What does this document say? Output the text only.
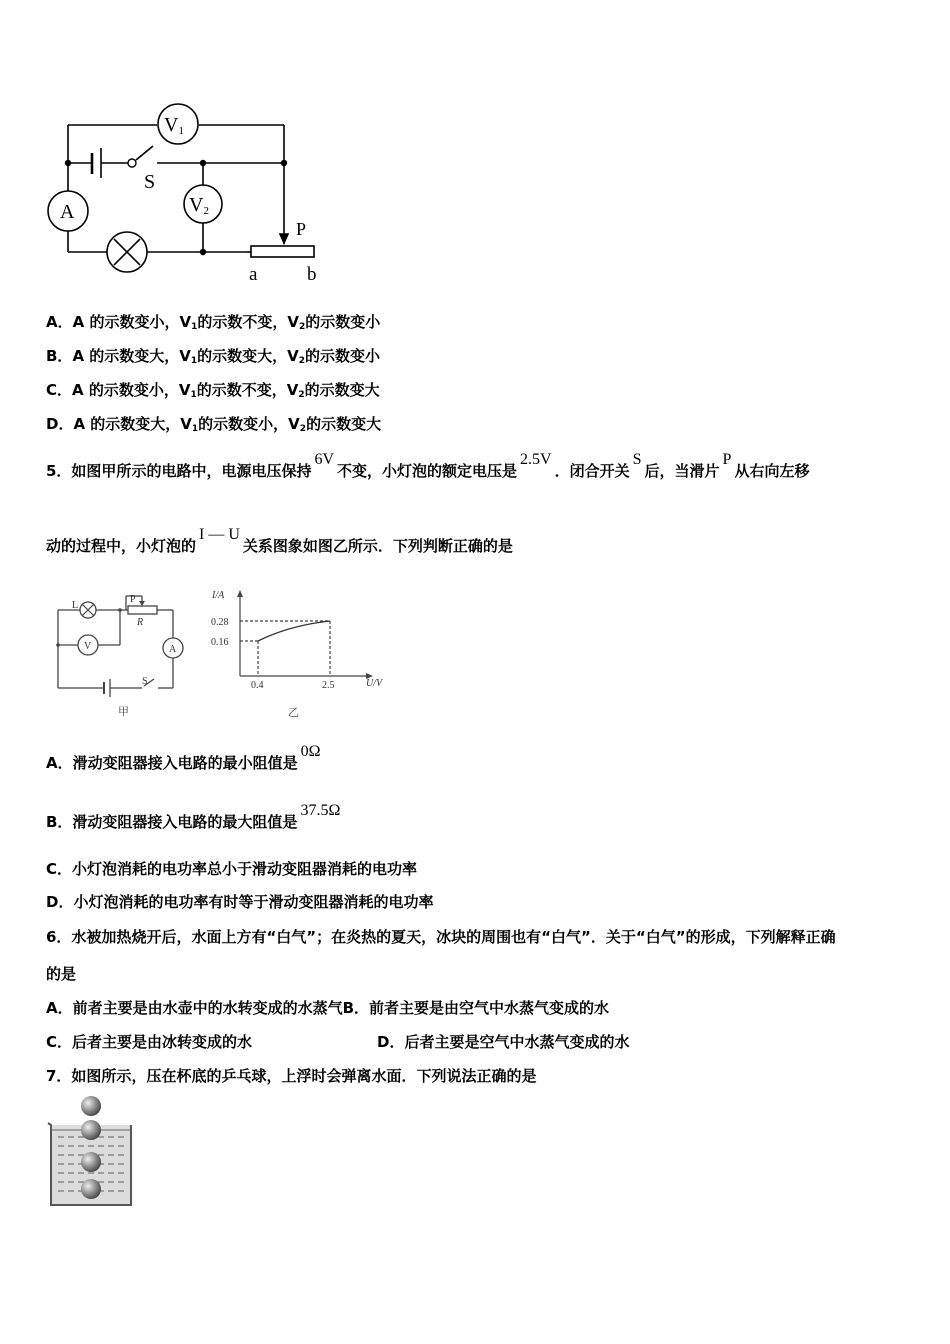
V1
V2
A
S
P
a	b
A．A 的示数变小，$V_1$的示数不变，$V_2$的示数变小
B．A 的示数变大，$V_1$的示数变大，$V_2$的示数变小
C．A 的示数变小，$V_1$的示数不变，$V_2$的示数变大
D．A 的示数变大，$V_1$的示数变小，$V_2$的示数变大
5．如图甲所示的电路中，电源电压保持6V不变，小灯泡的额定电压是2.5V．闭合开关S后，当滑片P从右向左移
动的过程中，小灯泡的I — U关系图象如图乙所示．下列判断正确的是
L
P
R
V	A
S
甲
I/A
U/V
0.28
0.16
0.4	2.5
乙
A．滑动变阻器接入电路的最小阻值是0Ω
B．滑动变阻器接入电路的最大阻值是37.5Ω
C．小灯泡消耗的电功率总小于滑动变阻器消耗的电功率
D．小灯泡消耗的电功率有时等于滑动变阻器消耗的电功率
6．水被加热烧开后，水面上方有“白气”；在炎热的夏天，冰块的周围也有“白气”．关于“白气”的形成，下列解释正确
的是
A．前者主要是由水壶中的水转变成的水蒸气B．前者主要是由空气中水蒸气变成的水
C．后者主要是由冰转变成的水	D．后者主要是空气中水蒸气变成的水
7．如图所示，压在杯底的乒乓球，上浮时会弹离水面．下列说法正确的是
